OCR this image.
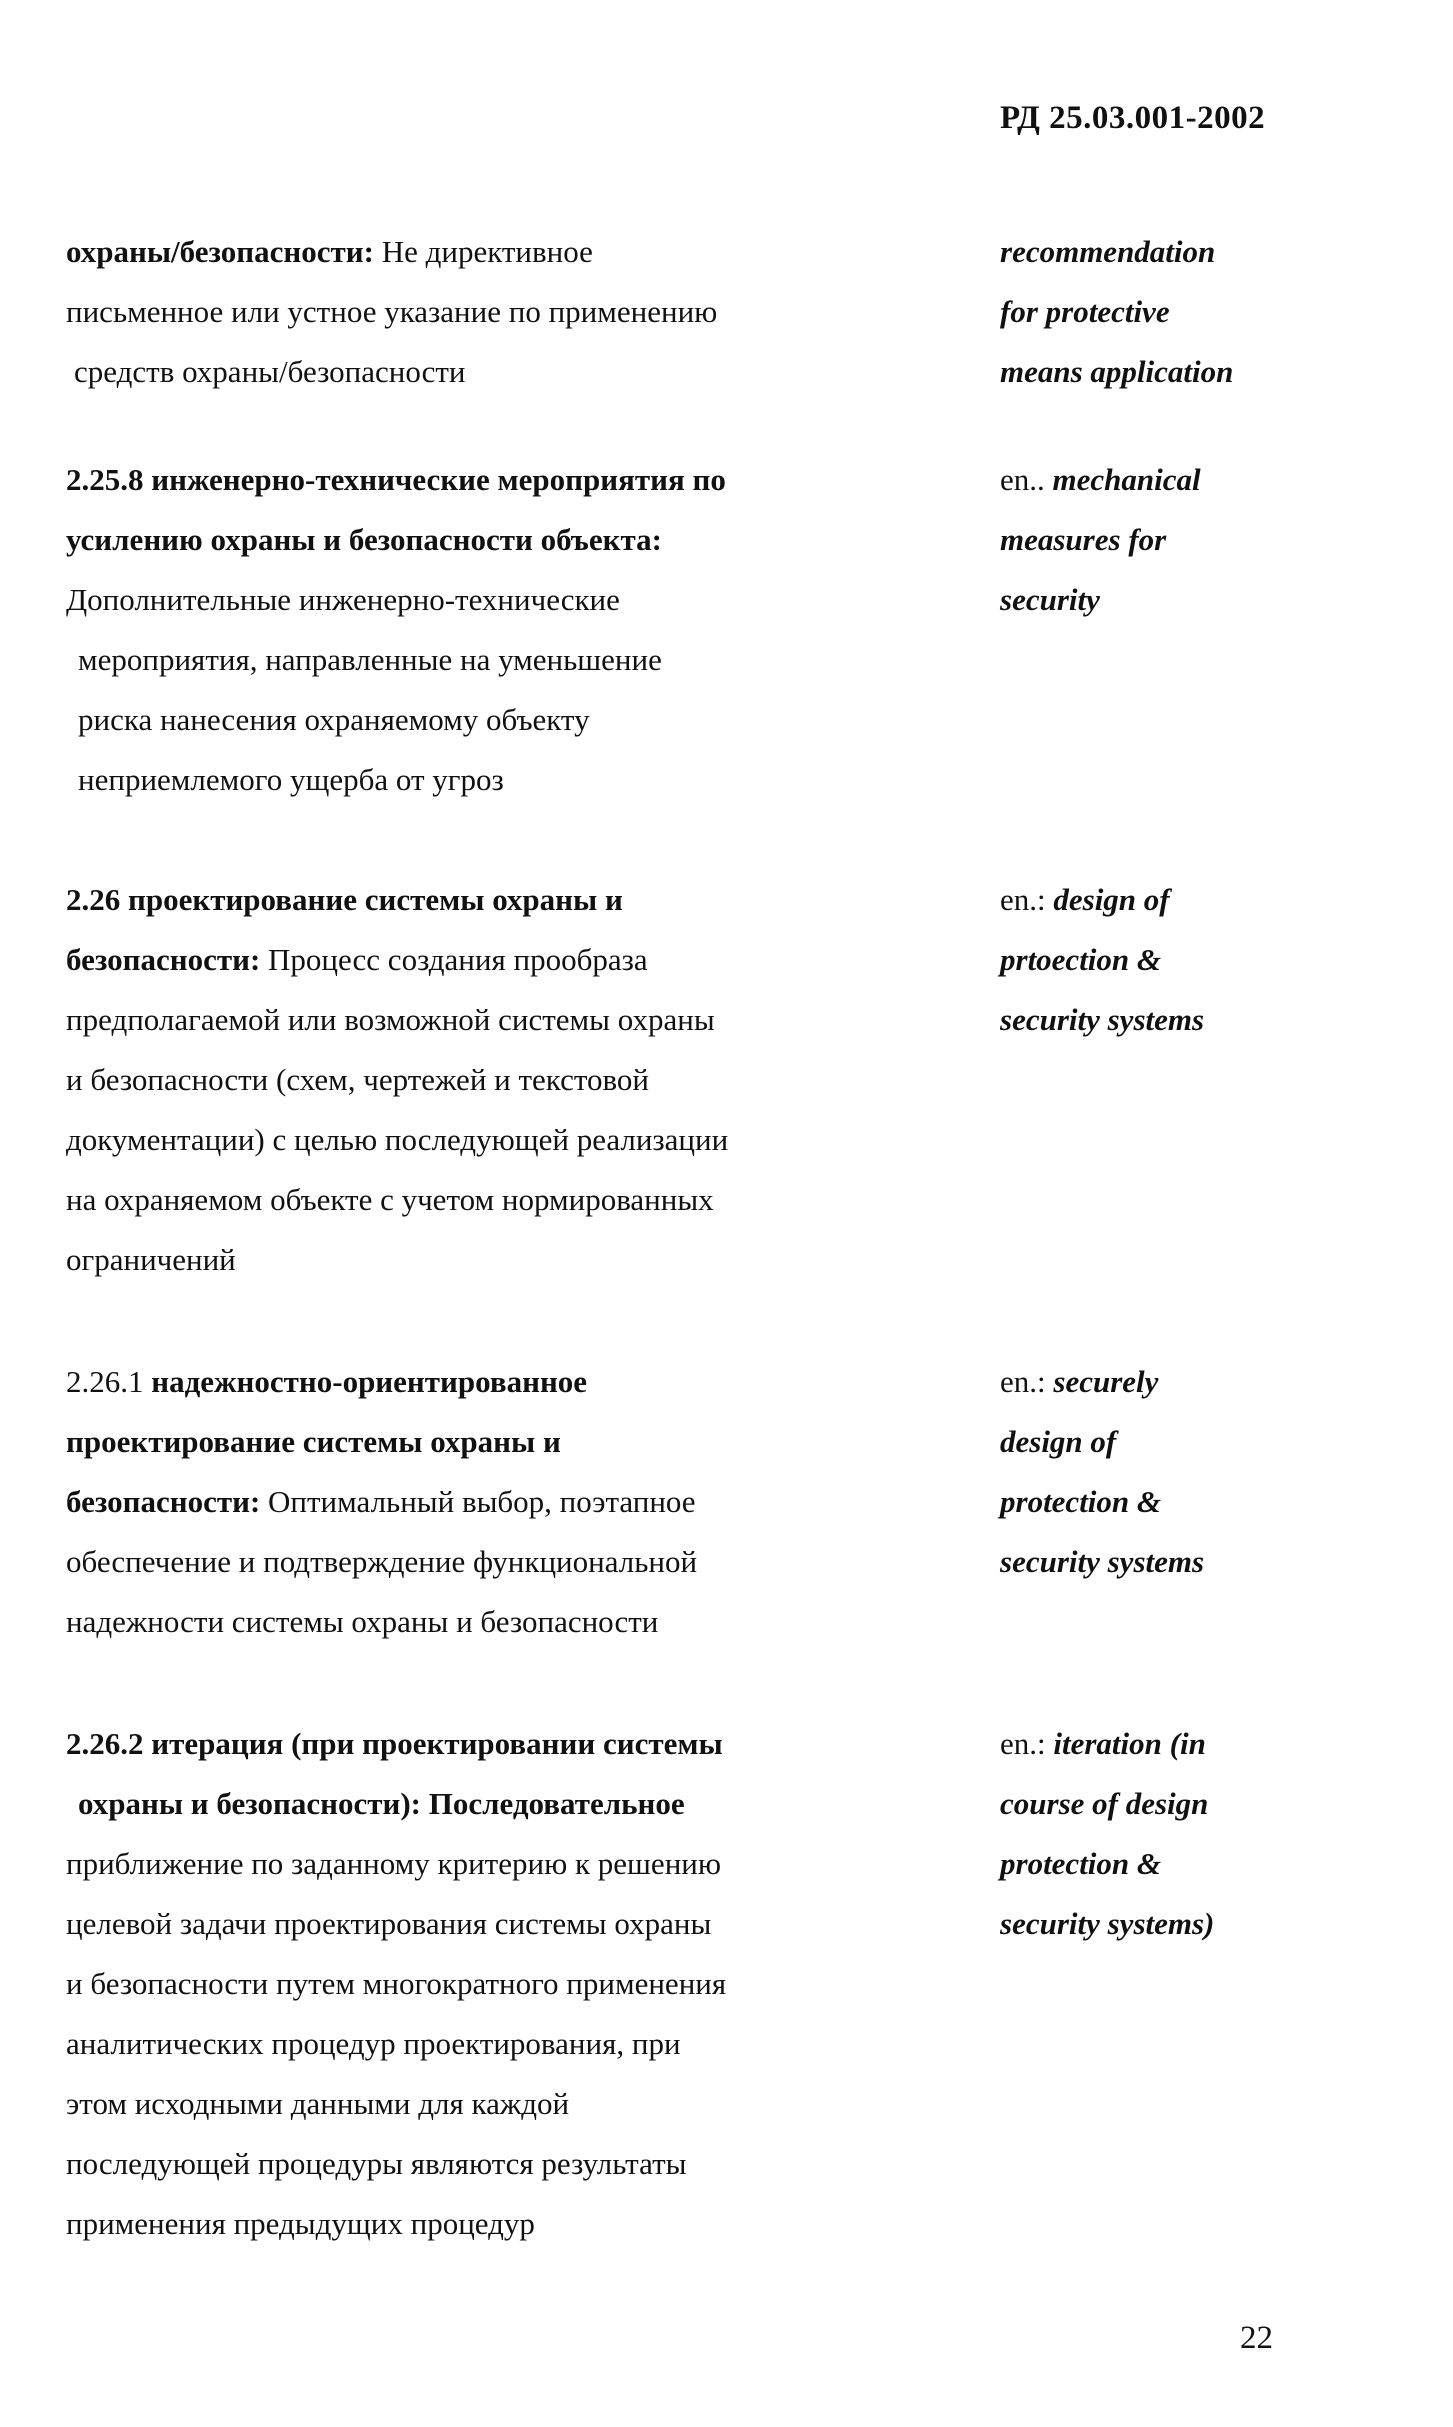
РД 25.03.001-2002
охраны/безопасности: Не директивное
письменное или устное указание по применению
средств охраны/безопасности
recommendation
for protective
means application
2.25.8 инженерно-технические мероприятия по
усилению охраны и безопасности объекта:
Дополнительные инженерно-технические
мероприятия, направленные на уменьшение
риска нанесения охраняемому объекту
неприемлемого ущерба от угроз
en.. mechanical
measures for
security
2.26 проектирование системы охраны и
безопасности: Процесс создания прообраза
предполагаемой или возможной системы охраны
и безопасности (схем, чертежей и текстовой
документации) с целью последующей реализации
на охраняемом объекте с учетом нормированных
ограничений
en.: design of
prtoection &
security systems
2.26.1 надежностно-ориентированное
проектирование системы охраны и
безопасности: Оптимальный выбор, поэтапное
обеспечение и подтверждение функциональной
надежности системы охраны и безопасности
en.: securely
design of
protection &
security systems
2.26.2 итерация (при проектировании системы
охраны и безопасности): Последовательное
приближение по заданному критерию к решению
целевой задачи проектирования системы охраны
и безопасности путем многократного применения
аналитических процедур проектирования, при
этом исходными данными для каждой
последующей процедуры являются результаты
применения предыдущих процедур
en.: iteration (in
course of design
protection &
security systems)
22
